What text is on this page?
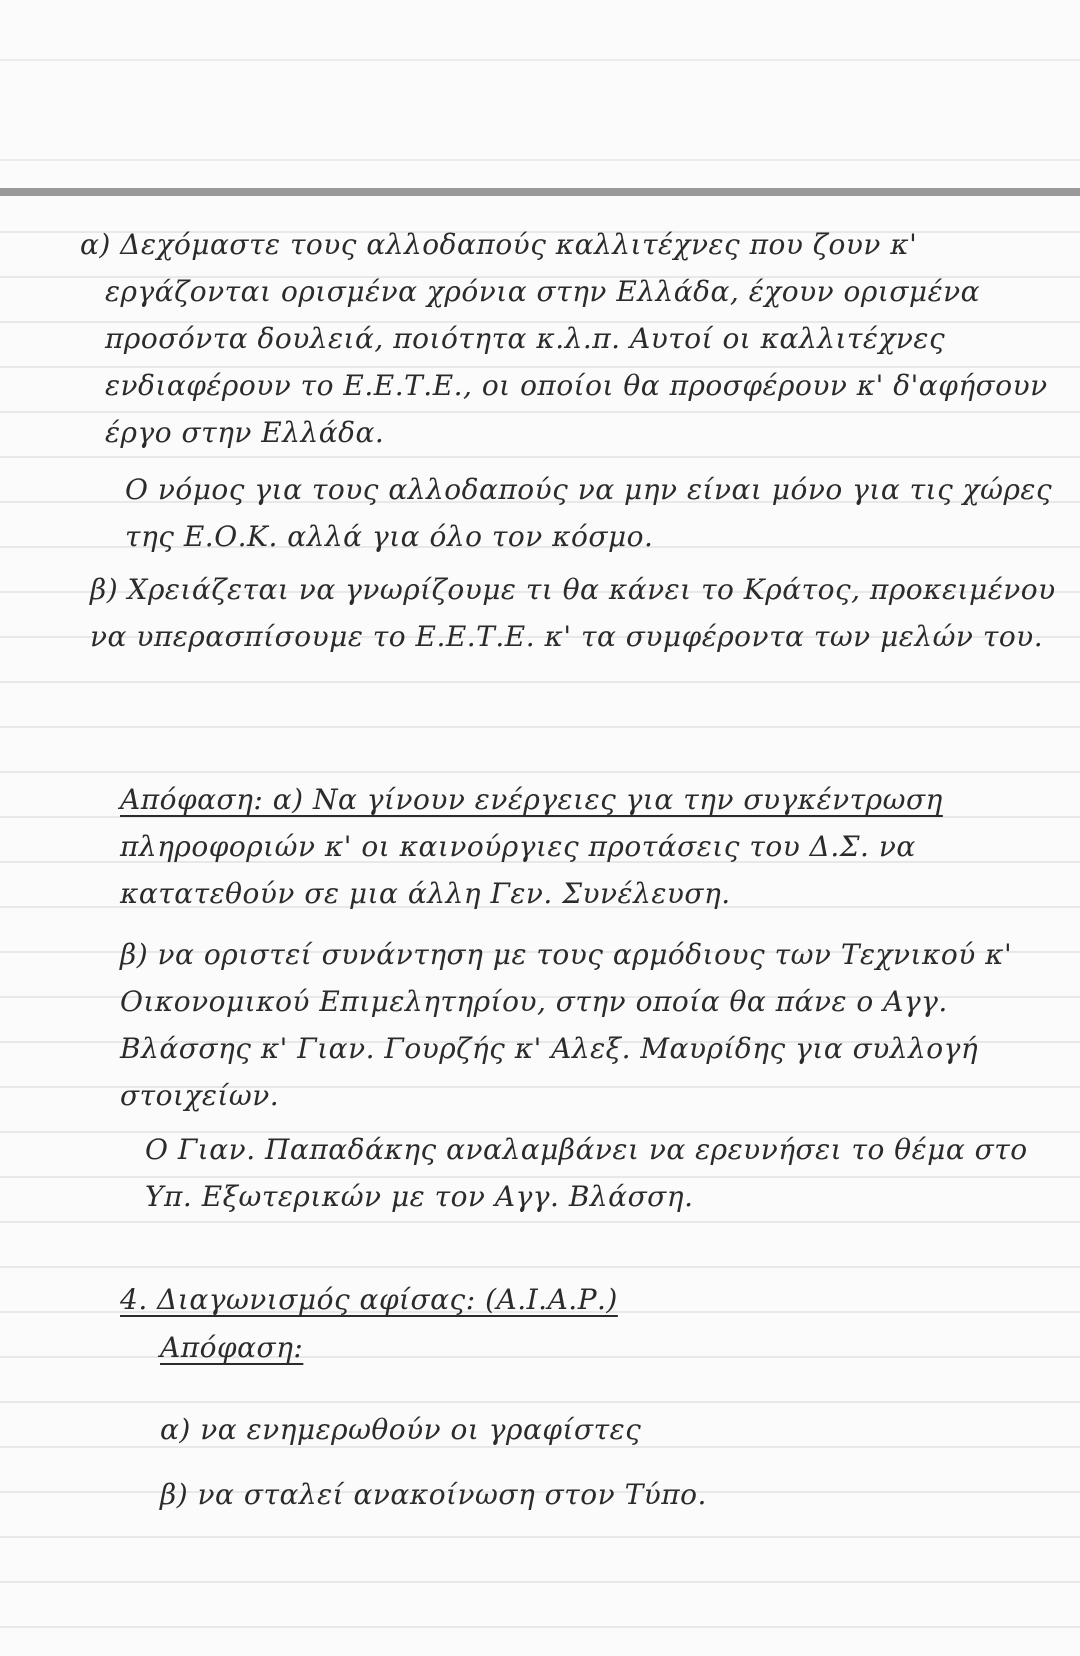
α) Δεχόμαστε τους αλλοδαπούς καλλιτέχνες που ζουν κ'
εργάζονται ορισμένα χρόνια στην Ελλάδα, έχουν ορισμένα
προσόντα δουλειά, ποιότητα κ.λ.π. Αυτοί οι καλλιτέχνες
ενδιαφέρουν το Ε.Ε.Τ.Ε., οι οποίοι θα προσφέρουν κ' δ'αφήσουν
έργο στην Ελλάδα.
Ο νόμος για τους αλλοδαπούς να μην είναι μόνο για τις χώρες
της Ε.Ο.Κ. αλλά για όλο τον κόσμο.
β) Χρειάζεται να γνωρίζουμε τι θα κάνει το Κράτος, προκειμένου
να υπερασπίσουμε το Ε.Ε.Τ.Ε. κ' τα συμφέροντα των μελών του.
Απόφαση: α) Να γίνουν ενέργειες για την συγκέντρωση
πληροφοριών κ' οι καινούργιες προτάσεις του Δ.Σ. να
κατατεθούν σε μια άλλη Γεν. Συνέλευση.
β) να οριστεί συνάντηση με τους αρμόδιους των Τεχνικού κ'
Οικονομικού Επιμελητηρίου, στην οποία θα πάνε ο Αγγ.
Βλάσσης κ' Γιαν. Γουρζής κ' Αλεξ. Μαυρίδης για συλλογή
στοιχείων.
Ο Γιαν. Παπαδάκης αναλαμβάνει να ερευνήσει το θέμα στο
Υπ. Εξωτερικών με τον Αγγ. Βλάσση.
4. Διαγωνισμός αφίσας: (Α.Ι.Α.Ρ.)
Απόφαση:
α) να ενημερωθούν οι γραφίστες
β) να σταλεί ανακοίνωση στον Τύπο.
